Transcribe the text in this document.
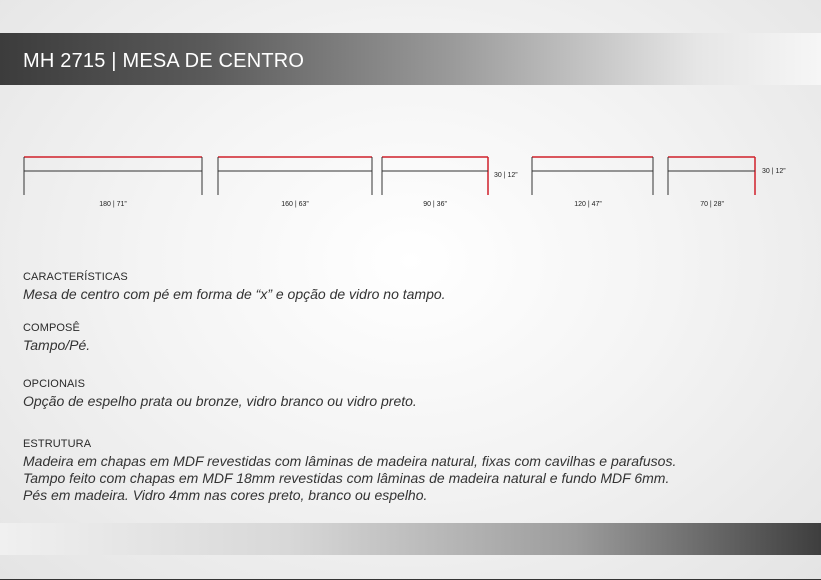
MH 2715 | MESA DE CENTRO
180 | 71”	160 | 63”	90 | 36”	120 | 47”	70 | 28”
30 | 12”
30 | 12”
CARACTERÍSTICAS
Mesa de centro com pé em forma de “x” e opção de vidro no tampo.
COMPOSÊ
Tampo/Pé.
OPCIONAIS
Opção de espelho prata ou bronze, vidro branco ou vidro preto.
ESTRUTURA
Madeira em chapas em MDF revestidas com lâminas de madeira natural, fixas com cavilhas e parafusos.
Tampo feito com chapas em MDF 18mm revestidas com lâminas de madeira natural e fundo MDF 6mm.
Pés em madeira. Vidro 4mm nas cores preto, branco ou espelho.
